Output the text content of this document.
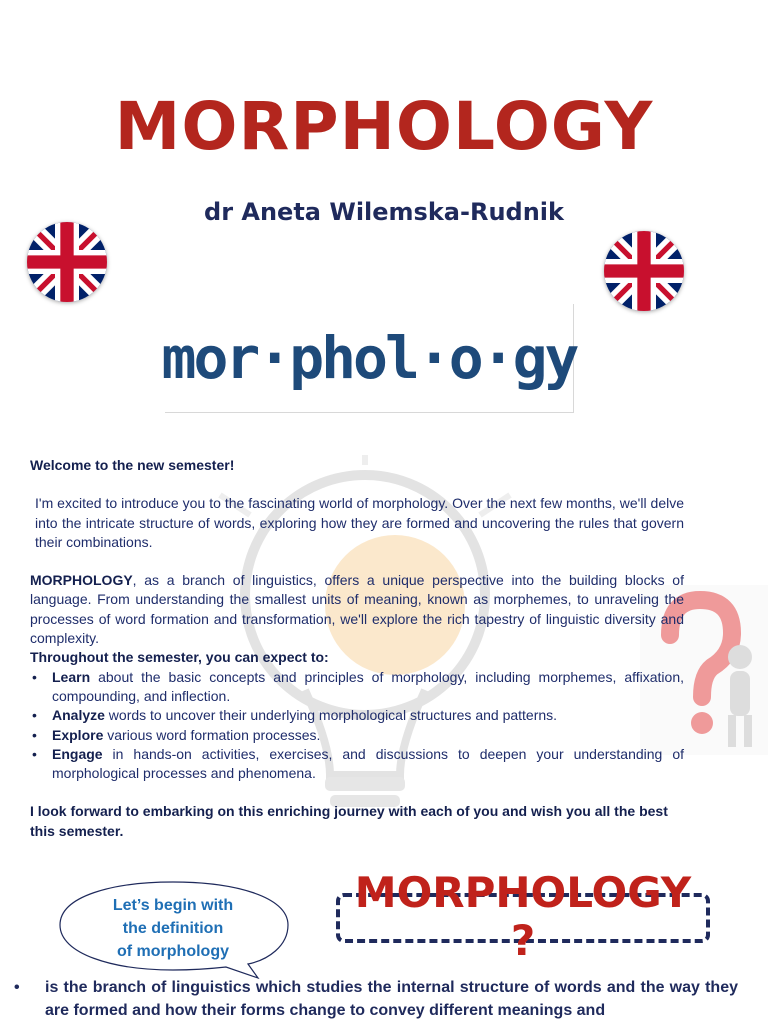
MORPHOLOGY
dr Aneta Wilemska-Rudnik
mor·phol·o·gy

Welcome to the new semester!

I'm excited to introduce you to the fascinating world of morphology. Over the next few months, we'll delve into the intricate structure of words, exploring how they are formed and uncovering the rules that govern their combinations.

MORPHOLOGY, as a branch of linguistics, offers a unique perspective into the building blocks of language. From understanding the smallest units of meaning, known as morphemes, to unraveling the processes of word formation and transformation, we'll explore the rich tapestry of linguistic diversity and complexity.

Throughout the semester, you can expect to:

• Learn about the basic concepts and principles of morphology, including morphemes, affixation, compounding, and inflection.
• Analyze words to uncover their underlying morphological structures and patterns.
• Explore various word formation processes.
• Engage in hands-on activities, exercises, and discussions to deepen your understanding of morphological processes and phenomena.

I look forward to embarking on this enriching journey with each of you and wish you all the best this semester.

Let’s begin with
the definition
of morphology
MORPHOLOGY ?
•	is the branch of linguistics which studies the internal structure of words and the way they are formed and how their forms change to convey different meanings and
